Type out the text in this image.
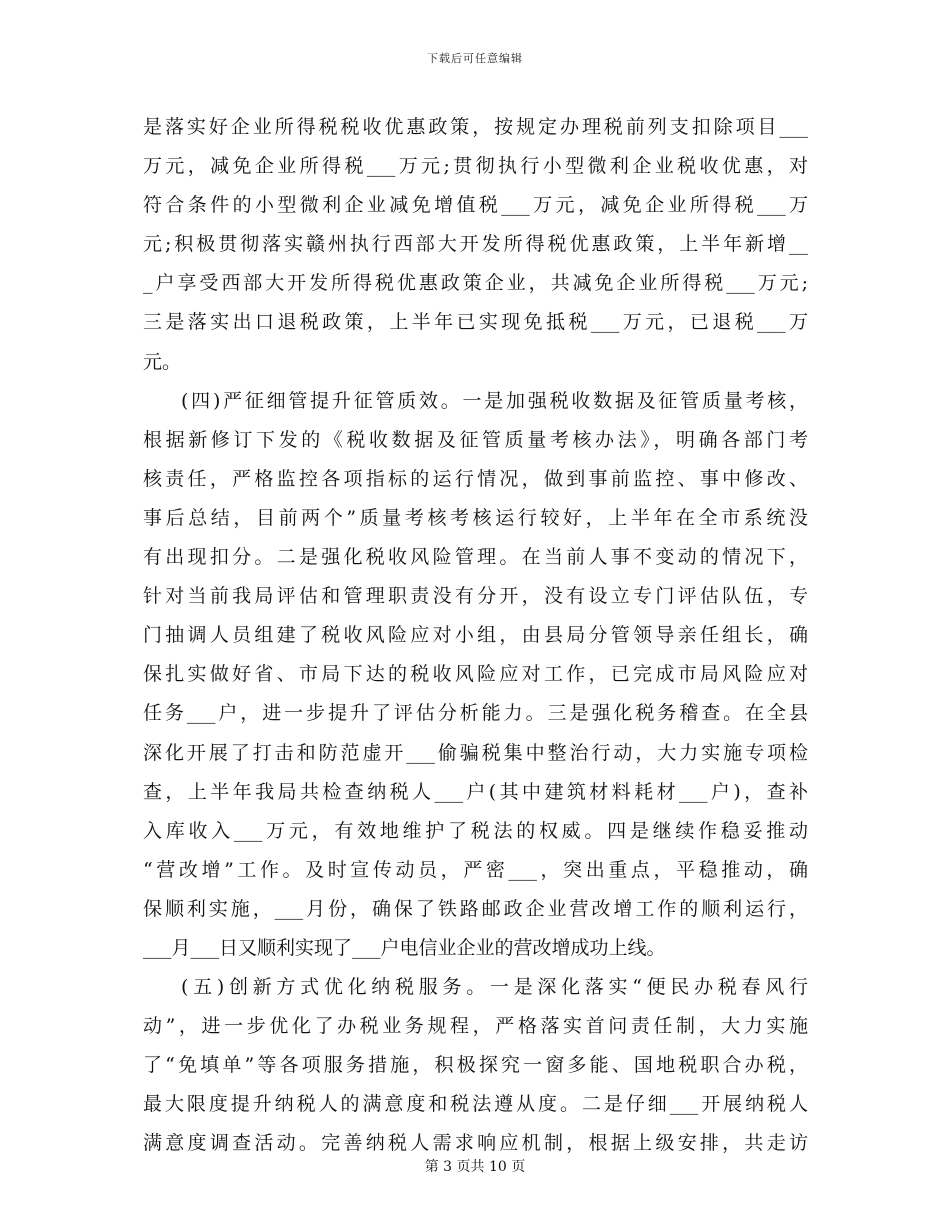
下载后可任意编辑
是落实好企业所得税税收优惠政策，按规定办理税前列支扣除项目___
万元，减免企业所得税___万元;贯彻执行小型微利企业税收优惠，对
符合条件的小型微利企业减免增值税___万元，减免企业所得税___万
元;积极贯彻落实赣州执行西部大开发所得税优惠政策，上半年新增__
_户享受西部大开发所得税优惠政策企业，共减免企业所得税___万元;
三是落实出口退税政策，上半年已实现免抵税___万元，已退税___万
元。
(四)严征细管提升征管质效。一是加强税收数据及征管质量考核，
根据新修订下发的《税收数据及征管质量考核办法》，明确各部门考
核责任，严格监控各项指标的运行情况，做到事前监控、事中修改、
事后总结，目前两个”质量考核考核运行较好，上半年在全市系统没
有出现扣分。二是强化税收风险管理。在当前人事不变动的情况下，
针对当前我局评估和管理职责没有分开，没有设立专门评估队伍，专
门抽调人员组建了税收风险应对小组，由县局分管领导亲任组长，确
保扎实做好省、市局下达的税收风险应对工作，已完成市局风险应对
任务___户，进一步提升了评估分析能力。三是强化税务稽查。在全县
深化开展了打击和防范虚开___偷骗税集中整治行动，大力实施专项检
查，上半年我局共检查纳税人___户(其中建筑材料耗材___户)，查补
入库收入___万元，有效地维护了税法的权威。四是继续作稳妥推动
“营改增”工作。及时宣传动员，严密___，突出重点，平稳推动，确
保顺利实施，___月份，确保了铁路邮政企业营改增工作的顺利运行，
___月___日又顺利实现了___户电信业企业的营改增成功上线。
(五)创新方式优化纳税服务。一是深化落实“便民办税春风行
动”，进一步优化了办税业务规程，严格落实首问责任制，大力实施
了“免填单”等各项服务措施，积极探究一窗多能、国地税职合办税，
最大限度提升纳税人的满意度和税法遵从度。二是仔细___开展纳税人
满意度调查活动。完善纳税人需求响应机制，根据上级安排，共走访
第 3 页共 10 页
